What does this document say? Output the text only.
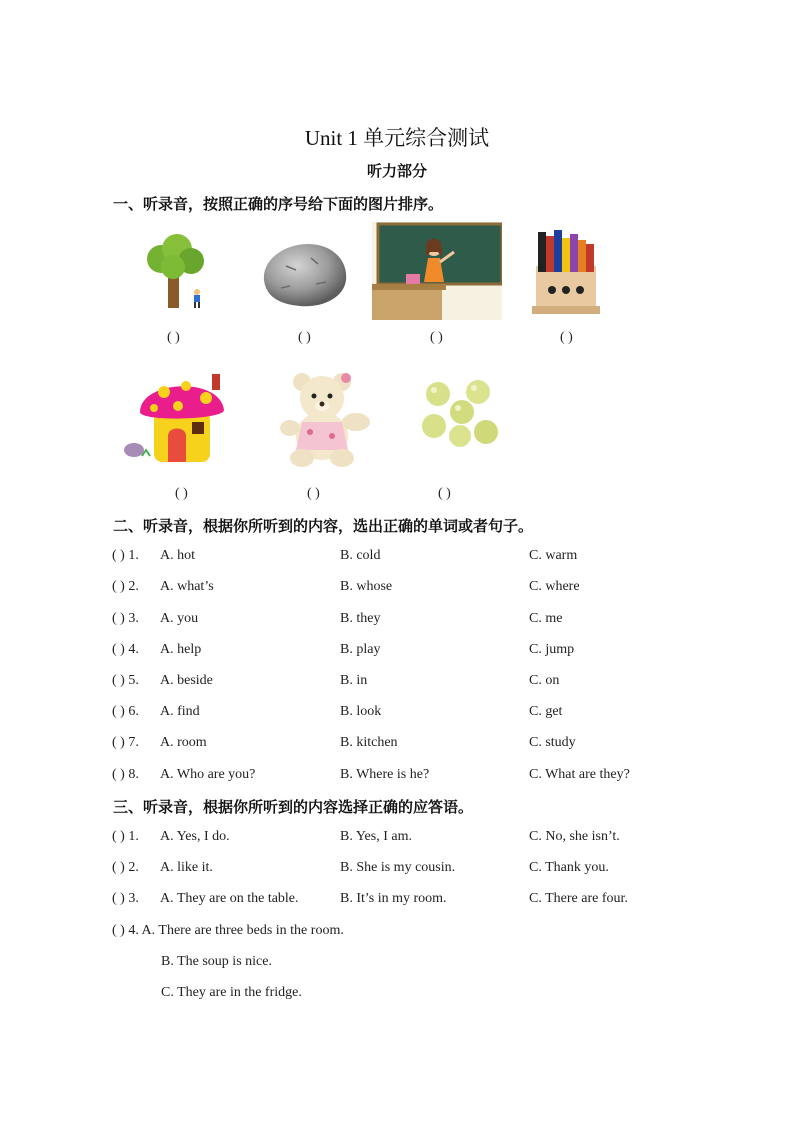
Unit 1 单元综合测试
听力部分
一、听录音，按照正确的序号给下面的图片排序。
( )	( )	( )	( )
( )	( )	( )
二、听录音，根据你所听到的内容，选出正确的单词或者句子。
( ) 1. A. hot	B. cold	C. warm
( ) 2. A. what’s	B. whose	C. where
( ) 3. A. you	B. they	C. me
( ) 4. A. help	B. play	C. jump
( ) 5. A. beside	B. in	C. on
( ) 6. A. find	B. look	C. get
( ) 7. A. room	B. kitchen	C. study
( ) 8. A. Who are you?	B. Where is he?	C. What are they?
三、听录音，根据你所听到的内容选择正确的应答语。
( ) 1. A. Yes, I do.	B. Yes, I am.	C. No, she isn’t.
( ) 2. A. like it.	B. She is my cousin.	C. Thank you.
( ) 3. A. They are on the table.	B. It’s in my room.	C. There are four.
( ) 4. A. There are three beds in the room.
B. The soup is nice.
C. They are in the fridge.
